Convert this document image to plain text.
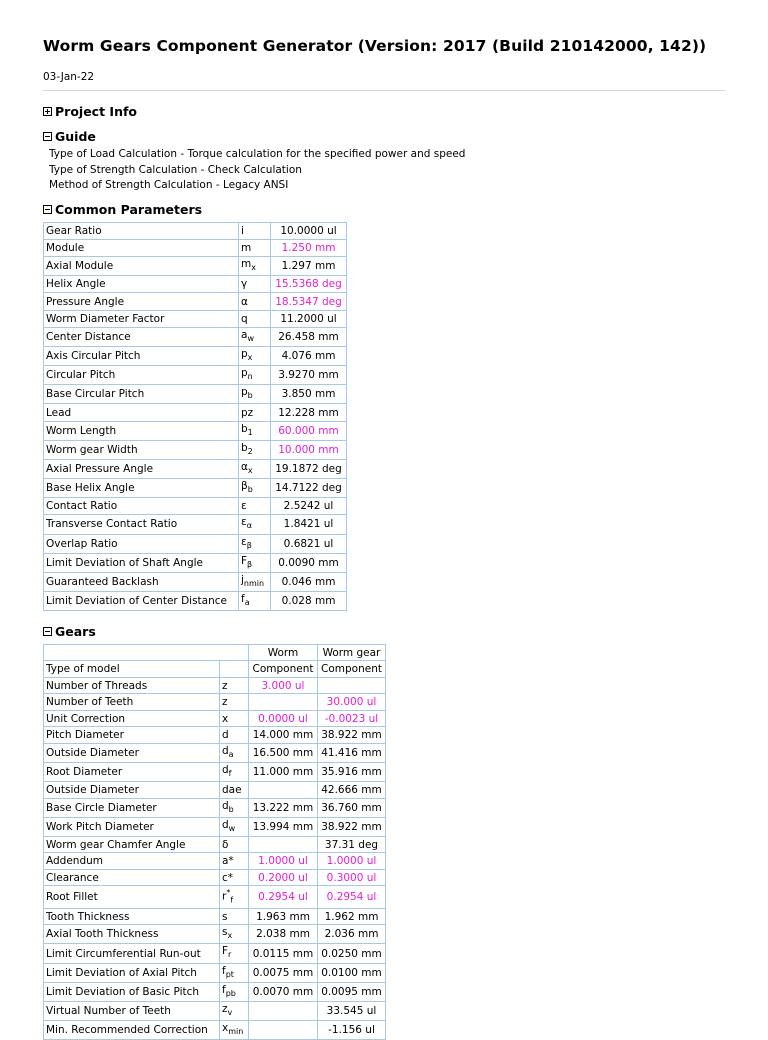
Worm Gears Component Generator (Version: 2017 (Build 210142000, 142))
03-Jan-22
Project Info
Guide
Type of Load Calculation - Torque calculation for the specified power and speed
Type of Strength Calculation - Check Calculation
Method of Strength Calculation - Legacy ANSI
Common Parameters
Gear Ratio	i	10.0000 ul
Module	m	1.250 mm
Axial Module	$m_x$	1.297 mm
Helix Angle	γ	15.5368 deg
Pressure Angle	α	18.5347 deg
Worm Diameter Factor	q	11.2000 ul
Center Distance	$a_w$	26.458 mm
Axis Circular Pitch	$p_x$	4.076 mm
Circular Pitch	$p_n$	3.9270 mm
Base Circular Pitch	$p_b$	3.850 mm
Lead	pz	12.228 mm
Worm Length	$b_1$	60.000 mm
Worm gear Width	$b_2$	10.000 mm
Axial Pressure Angle	$\alpha_x$	19.1872 deg
Base Helix Angle	$\beta_b$	14.7122 deg
Contact Ratio	ε	2.5242 ul
Transverse Contact Ratio	$\varepsilon_\alpha$	1.8421 ul
Overlap Ratio	$\varepsilon_\beta$	0.6821 ul
Limit Deviation of Shaft Angle	$F_\beta$	0.0090 mm
Guaranteed Backlash	$j_{nmin}$	0.046 mm
Limit Deviation of Center Distance	$f_a$	0.028 mm
Gears
		Worm	Worm gear
Type of model		Component	Component
Number of Threads	z	3.000 ul	
Number of Teeth	z		30.000 ul
Unit Correction	x	0.0000 ul	-0.0023 ul
Pitch Diameter	d	14.000 mm	38.922 mm
Outside Diameter	$d_a$	16.500 mm	41.416 mm
Root Diameter	$d_f$	11.000 mm	35.916 mm
Outside Diameter	dae		42.666 mm
Base Circle Diameter	$d_b$	13.222 mm	36.760 mm
Work Pitch Diameter	$d_w$	13.994 mm	38.922 mm
Worm gear Chamfer Angle	δ		37.31 deg
Addendum	a*	1.0000 ul	1.0000 ul
Clearance	c*	0.2000 ul	0.3000 ul
Root Fillet	$r^*_f$	0.2954 ul	0.2954 ul
Tooth Thickness	s	1.963 mm	1.962 mm
Axial Tooth Thickness	$s_x$	2.038 mm	2.036 mm
Limit Circumferential Run-out	$F_r$	0.0115 mm	0.0250 mm
Limit Deviation of Axial Pitch	$f_{pt}$	0.0075 mm	0.0100 mm
Limit Deviation of Basic Pitch	$f_{pb}$	0.0070 mm	0.0095 mm
Virtual Number of Teeth	$z_v$		33.545 ul
Min. Recommended Correction	$x_{min}$		-1.156 ul
